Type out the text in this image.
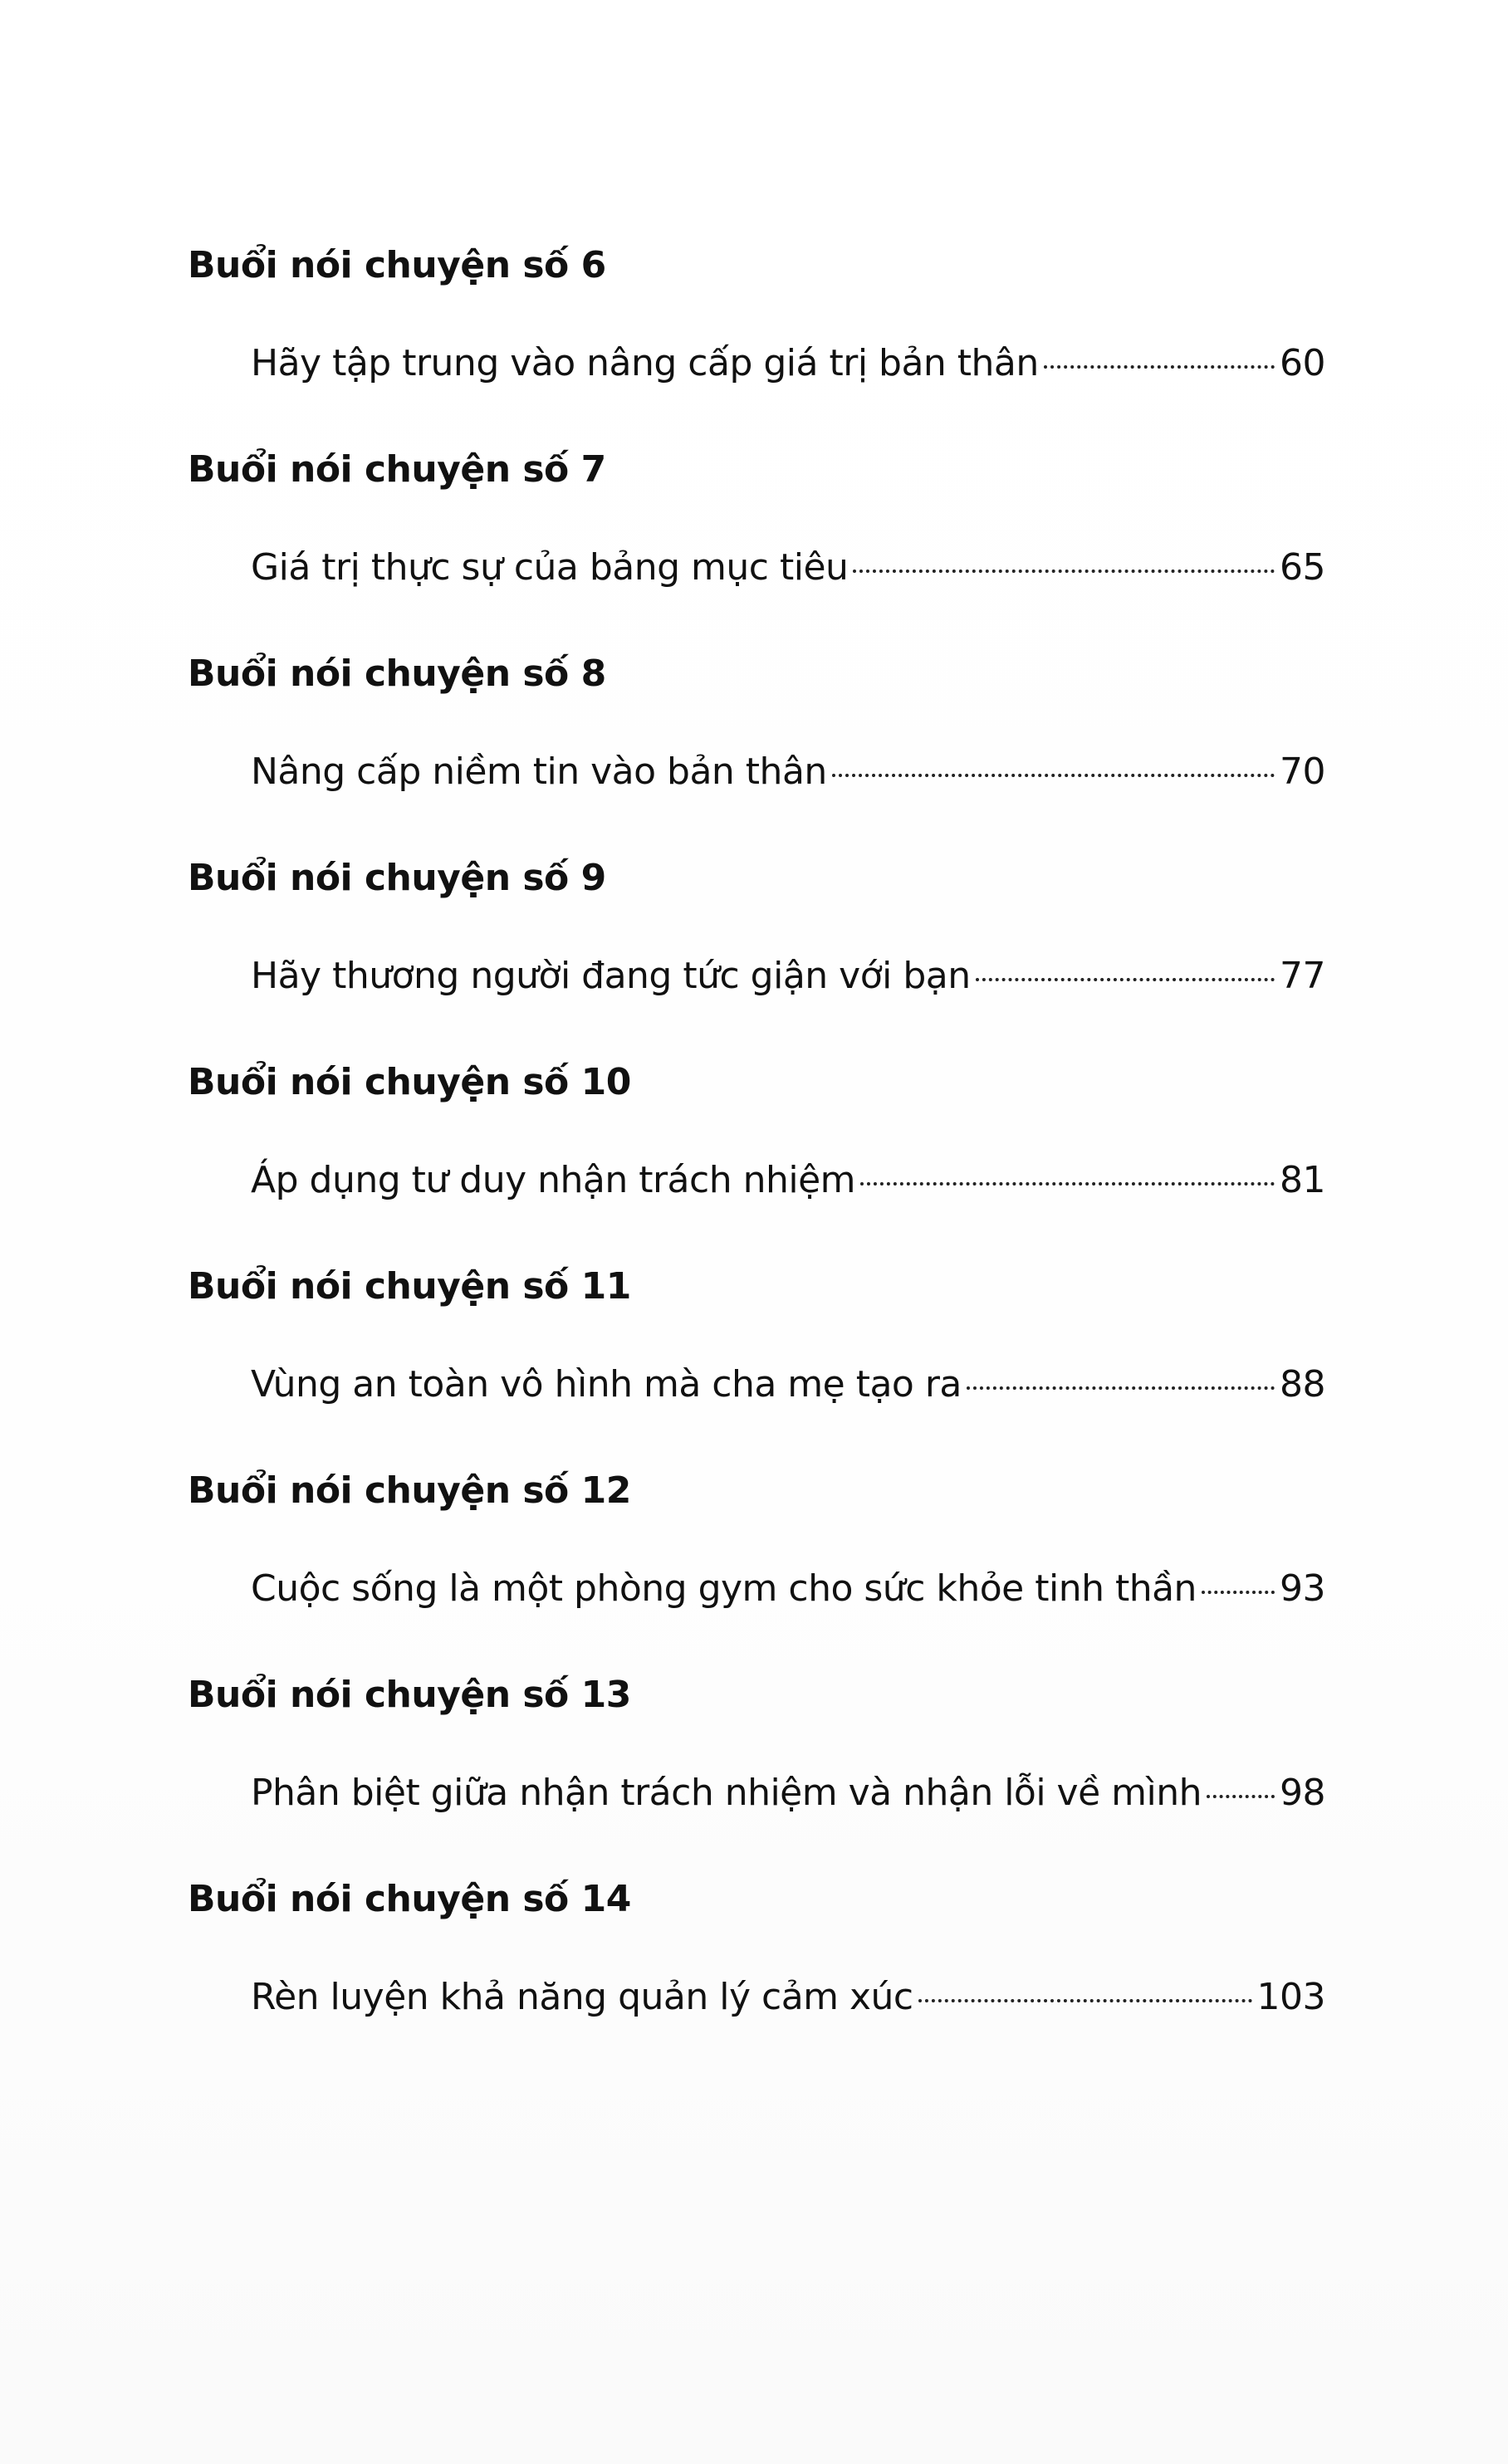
Buổi nói chuyện số 6
Hãy tập trung vào nâng cấp giá trị bản thân	60
Buổi nói chuyện số 7
Giá trị thực sự của bảng mục tiêu	65
Buổi nói chuyện số 8
Nâng cấp niềm tin vào bản thân	70
Buổi nói chuyện số 9
Hãy thương người đang tức giận với bạn	77
Buổi nói chuyện số 10
Áp dụng tư duy nhận trách nhiệm	81
Buổi nói chuyện số 11
Vùng an toàn vô hình mà cha mẹ tạo ra	88
Buổi nói chuyện số 12
Cuộc sống là một phòng gym cho sức khỏe tinh thần 93
Buổi nói chuyện số 13
Phân biệt giữa nhận trách nhiệm và nhận lỗi về mình 98
Buổi nói chuyện số 14
Rèn luyện khả năng quản lý cảm xúc	103
